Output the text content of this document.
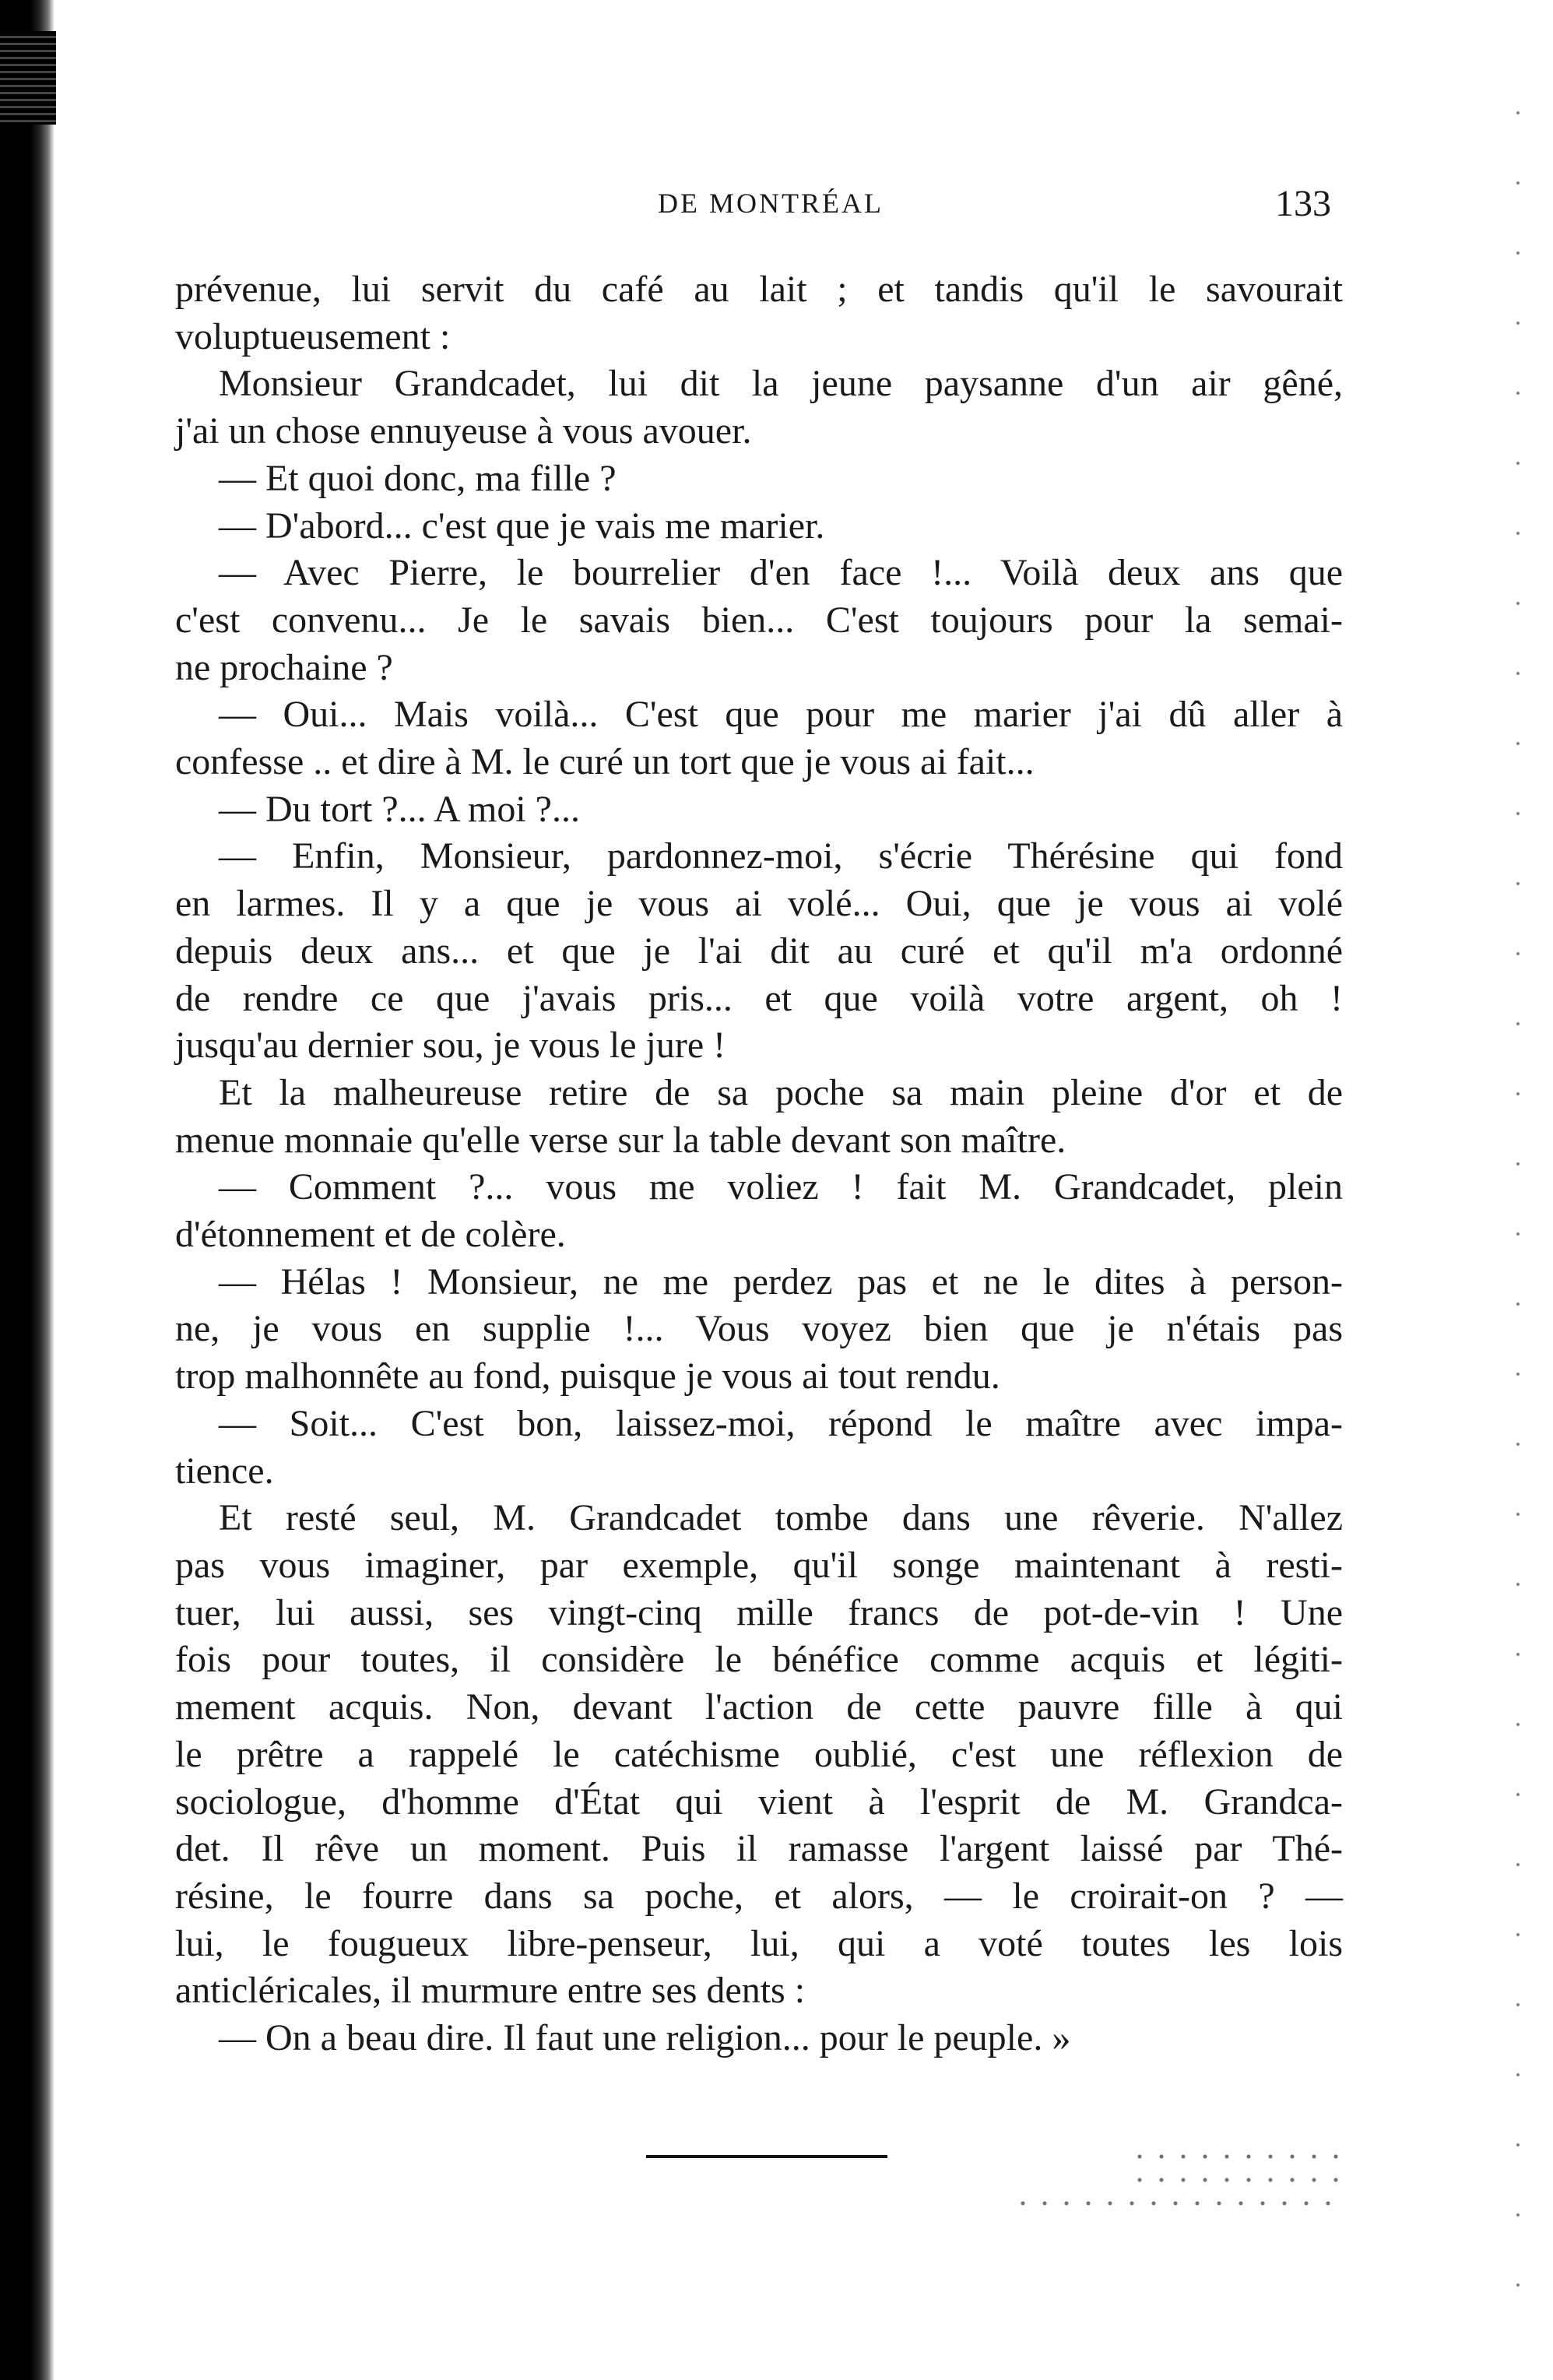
DE MONTRÉAL	133
prévenue, lui servit du café au lait ; et tandis qu'il le savourait
voluptueusement :
Monsieur Grandcadet, lui dit la jeune paysanne d'un air gêné,
j'ai un chose ennuyeuse à vous avouer.
— Et quoi donc, ma fille ?
— D'abord... c'est que je vais me marier.
— Avec Pierre, le bourrelier d'en face !... Voilà deux ans que
c'est convenu... Je le savais bien... C'est toujours pour la semai-
ne prochaine ?
— Oui... Mais voilà... C'est que pour me marier j'ai dû aller à
confesse .. et dire à M. le curé un tort que je vous ai fait...
— Du tort ?... A moi ?...
— Enfin, Monsieur, pardonnez-moi, s'écrie Thérésine qui fond
en larmes. Il y a que je vous ai volé... Oui, que je vous ai volé
depuis deux ans... et que je l'ai dit au curé et qu'il m'a ordonné
de rendre ce que j'avais pris... et que voilà votre argent, oh !
jusqu'au dernier sou, je vous le jure !
Et la malheureuse retire de sa poche sa main pleine d'or et de
menue monnaie qu'elle verse sur la table devant son maître.
— Comment ?... vous me voliez ! fait M. Grandcadet, plein
d'étonnement et de colère.
— Hélas ! Monsieur, ne me perdez pas et ne le dites à person-
ne, je vous en supplie !... Vous voyez bien que je n'étais pas
trop malhonnête au fond, puisque je vous ai tout rendu.
— Soit... C'est bon, laissez-moi, répond le maître avec impa-
tience.
Et resté seul, M. Grandcadet tombe dans une rêverie. N'allez
pas vous imaginer, par exemple, qu'il songe maintenant à resti-
tuer, lui aussi, ses vingt-cinq mille francs de pot-de-vin ! Une
fois pour toutes, il considère le bénéfice comme acquis et légiti-
mement acquis. Non, devant l'action de cette pauvre fille à qui
le prêtre a rappelé le catéchisme oublié, c'est une réflexion de
sociologue, d'homme d'État qui vient à l'esprit de M. Grandca-
det. Il rêve un moment. Puis il ramasse l'argent laissé par Thé-
résine, le fourre dans sa poche, et alors, — le croirait-on ? —
lui, le fougueux libre-penseur, lui, qui a voté toutes les lois
anticléricales, il murmure entre ses dents :
— On a beau dire. Il faut une religion... pour le peuple. »
